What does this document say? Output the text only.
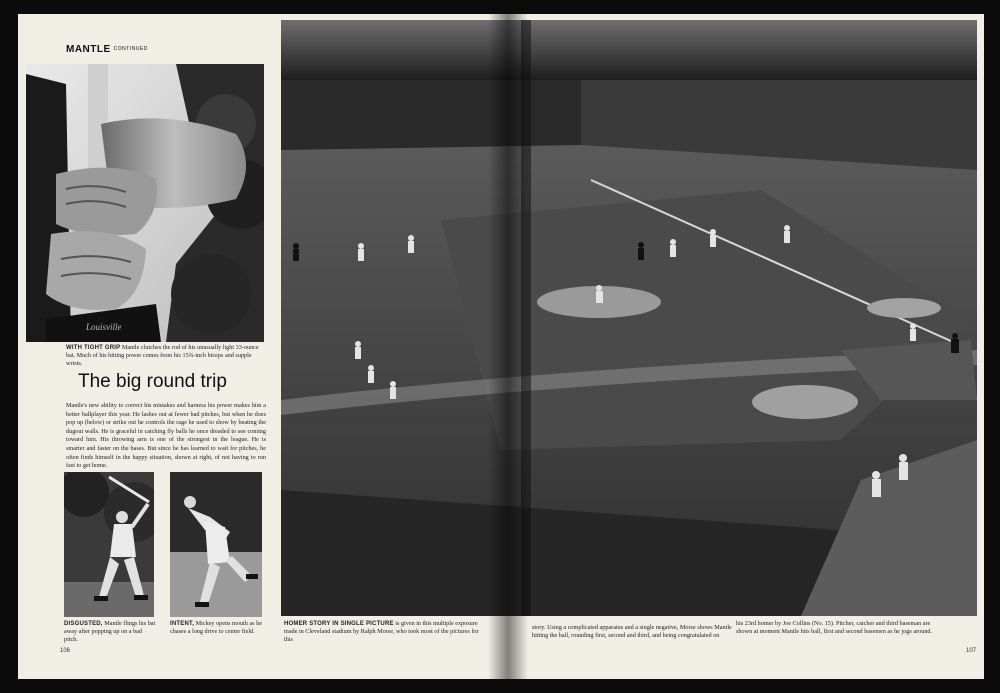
MANTLE CONTINUED
Louisville
WITH TIGHT GRIP Mantle clutches the rod of his unusually light 33-ounce bat. Much of his hitting power comes from his 15¾-inch biceps and supple wrists.
The big round trip
Mantle's new ability to correct his mistakes and harness his power makes him a better ballplayer this year. He lashes out at fewer bad pitches, but when he does pop up (below) or strike out he controls the rage he used to show by beating the dugout walls. He is graceful in catching fly balls he once dreaded to see coming toward him. His throwing arm is one of the strongest in the league. He is smarter and faster on the bases. But since he has learned to wait for pitches, he often finds himself in the happy situation, shown at right, of not having to run fast to get home.
DISGUSTED, Mantle flings his bat away after popping up on a bad pitch.
INTENT, Mickey opens mouth as he chases a long drive to center field.
HOMER STORY IN SINGLE PICTURE is given in this multiple exposure made in Cleveland stadium by Ralph Morse, who took most of the pictures for this
story. Using a complicated apparatus and a single negative, Morse shows Mantle hitting the ball, rounding first, second and third, and being congratulated on
his 23rd homer by Joe Collins (No. 15). Pitcher, catcher and third baseman are shown at moment Mantle hits ball, first and second basemen as he jogs around.
106	107
